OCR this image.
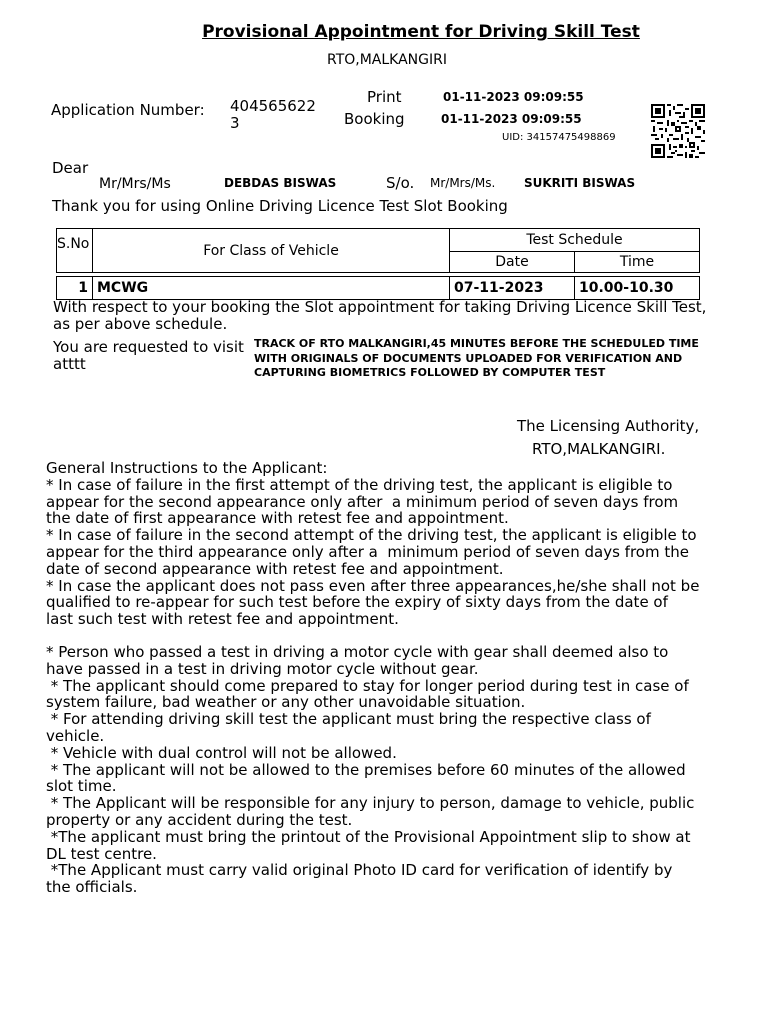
Provisional Appointment for Driving Skill Test
RTO,MALKANGIRI
Application Number: 4045656223
Print	01-11-2023 09:09:55
Booking	01-11-2023 09:09:55
UID: 34157475498869
Dear
Mr/Mrs/Ms	DEBDAS BISWAS	S/o. Mr/Mrs/Ms. SUKRITI BISWAS
Thank you for using Online Driving Licence Test Slot Booking
S.No	For Class of Vehicle	Test Schedule	
		Date	Time

1	MCWG	07-11-2023	10.00-10.30
With respect to your booking the Slot appointment for taking Driving Licence Skill Test, as per above schedule.
You are requested to visit atttt
TRACK OF RTO MALKANGIRI,45 MINUTES BEFORE THE SCHEDULED TIME WITH ORIGINALS OF DOCUMENTS UPLOADED FOR VERIFICATION AND CAPTURING BIOMETRICS FOLLOWED BY COMPUTER TEST
The Licensing Authority,
RTO,MALKANGIRI.
General Instructions to the Applicant:
* In case of failure in the first attempt of the driving test, the applicant is eligible to
appear for the second appearance only after  a minimum period of seven days from
the date of first appearance with retest fee and appointment.
* In case of failure in the second attempt of the driving test, the applicant is eligible to
appear for the third appearance only after a  minimum period of seven days from the
date of second appearance with retest fee and appointment.
* In case the applicant does not pass even after three appearances,he/she shall not be
qualified to re-appear for such test before the expiry of sixty days from the date of
last such test with retest fee and appointment.
* Person who passed a test in driving a motor cycle with gear shall deemed also to
have passed in a test in driving motor cycle without gear.
* The applicant should come prepared to stay for longer period during test in case of
system failure, bad weather or any other unavoidable situation.
* For attending driving skill test the applicant must bring the respective class of
vehicle.
* Vehicle with dual control will not be allowed.
* The applicant will not be allowed to the premises before 60 minutes of the allowed
slot time.
* The Applicant will be responsible for any injury to person, damage to vehicle, public
property or any accident during the test.
*The applicant must bring the printout of the Provisional Appointment slip to show at
DL test centre.
*The Applicant must carry valid original Photo ID card for verification of identify by
the officials.
